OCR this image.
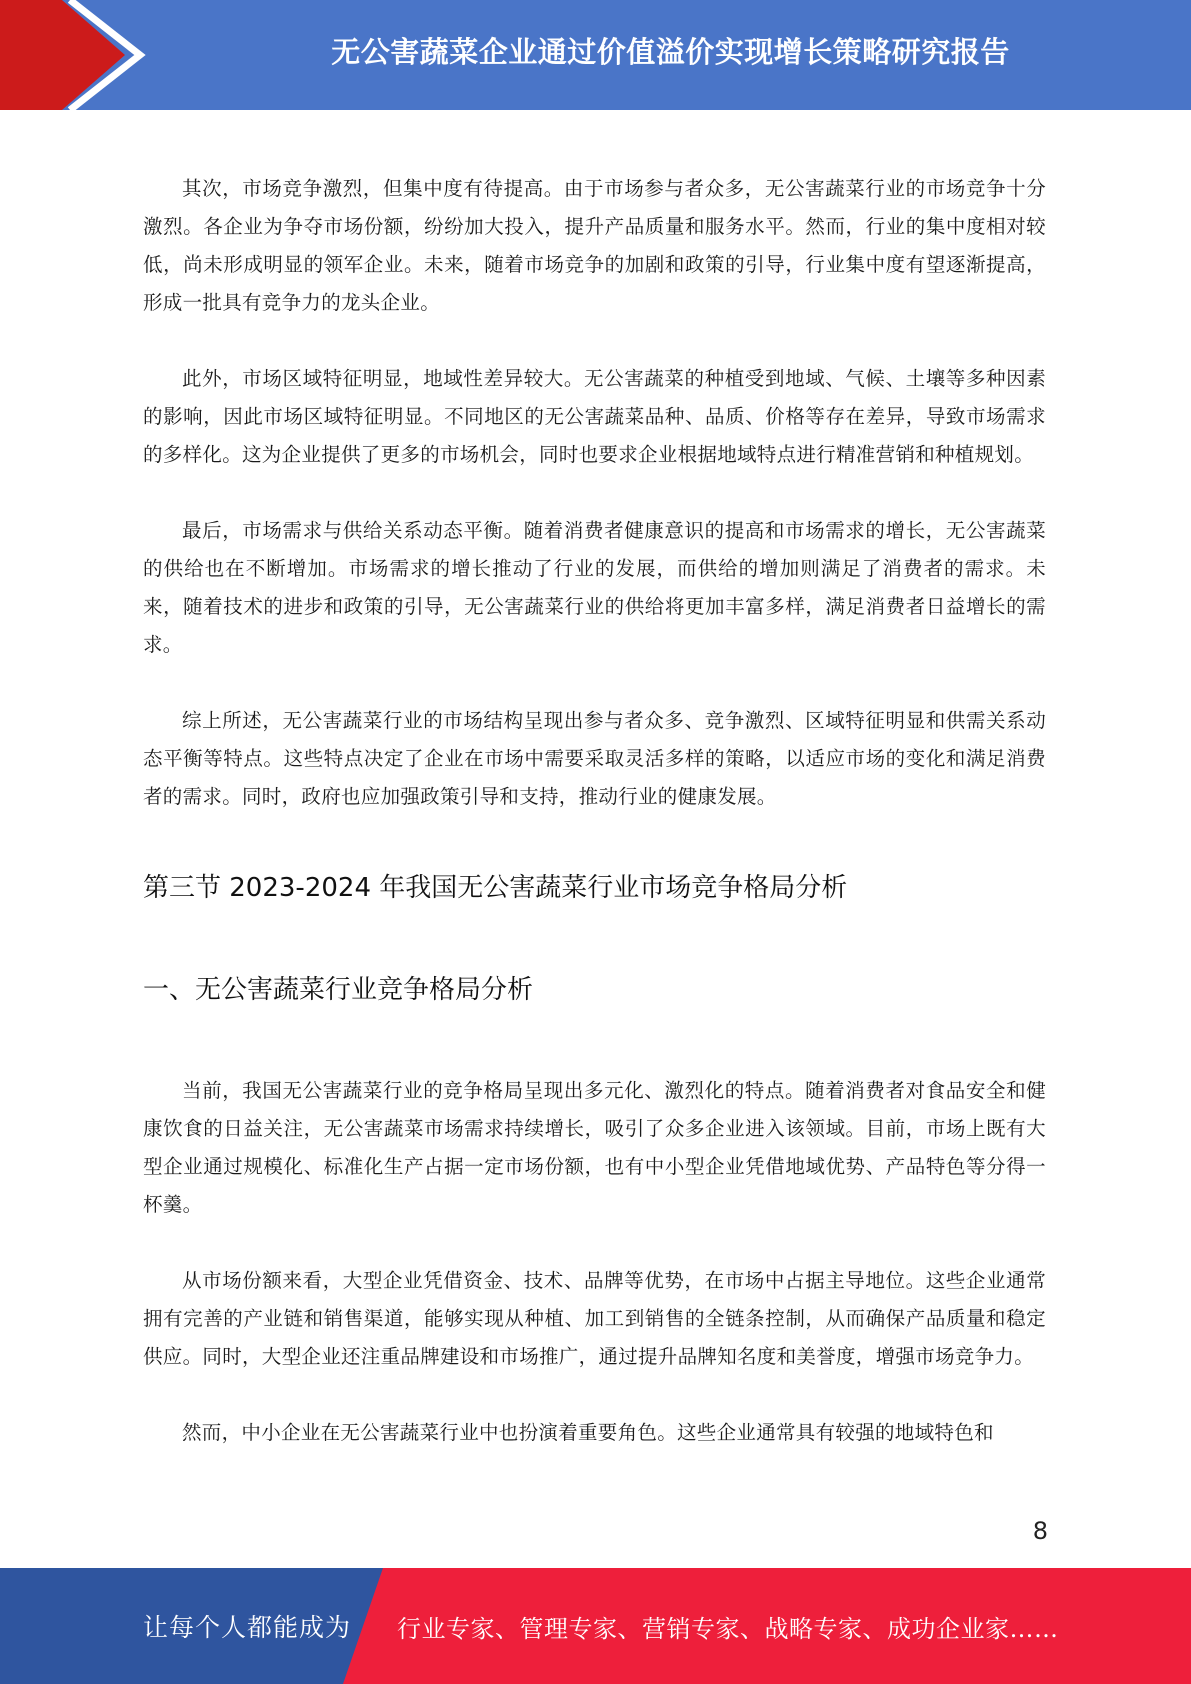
无公害蔬菜企业通过价值溢价实现增长策略研究报告

其次，市场竞争激烈，但集中度有待提高。由于市场参与者众多，无公害蔬菜行业的市场竞争十分激烈。各企业为争夺市场份额，纷纷加大投入，提升产品质量和服务水平。然而，行业的集中度相对较低，尚未形成明显的领军企业。未来，随着市场竞争的加剧和政策的引导，行业集中度有望逐渐提高，形成一批具有竞争力的龙头企业。

此外，市场区域特征明显，地域性差异较大。无公害蔬菜的种植受到地域、气候、土壤等多种因素的影响，因此市场区域特征明显。不同地区的无公害蔬菜品种、品质、价格等存在差异，导致市场需求的多样化。这为企业提供了更多的市场机会，同时也要求企业根据地域特点进行精准营销和种植规划。

最后，市场需求与供给关系动态平衡。随着消费者健康意识的提高和市场需求的增长，无公害蔬菜的供给也在不断增加。市场需求的增长推动了行业的发展，而供给的增加则满足了消费者的需求。未来，随着技术的进步和政策的引导，无公害蔬菜行业的供给将更加丰富多样，满足消费者日益增长的需求。

综上所述，无公害蔬菜行业的市场结构呈现出参与者众多、竞争激烈、区域特征明显和供需关系动态平衡等特点。这些特点决定了企业在市场中需要采取灵活多样的策略，以适应市场的变化和满足消费者的需求。同时，政府也应加强政策引导和支持，推动行业的健康发展。

第三节 2023-2024 年我国无公害蔬菜行业市场竞争格局分析
一、无公害蔬菜行业竞争格局分析

当前，我国无公害蔬菜行业的竞争格局呈现出多元化、激烈化的特点。随着消费者对食品安全和健康饮食的日益关注，无公害蔬菜市场需求持续增长，吸引了众多企业进入该领域。目前，市场上既有大型企业通过规模化、标准化生产占据一定市场份额，也有中小型企业凭借地域优势、产品特色等分得一杯羹。

从市场份额来看，大型企业凭借资金、技术、品牌等优势，在市场中占据主导地位。这些企业通常拥有完善的产业链和销售渠道，能够实现从种植、加工到销售的全链条控制，从而确保产品质量和稳定供应。同时，大型企业还注重品牌建设和市场推广，通过提升品牌知名度和美誉度，增强市场竞争力。

然而，中小企业在无公害蔬菜行业中也扮演着重要角色。这些企业通常具有较强的地域特色和

8
让每个人都能成为 行业专家、管理专家、营销专家、战略专家、成功企业家……
